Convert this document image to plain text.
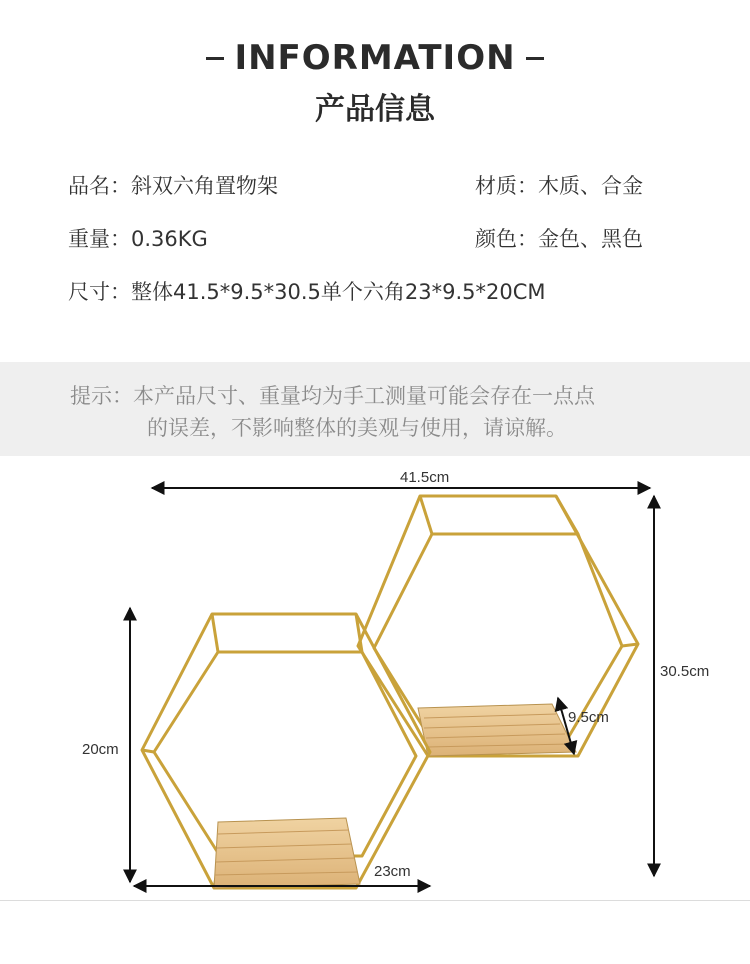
INFORMATION
产品信息
品名：斜双六角置物架	材质：木质、合金
重量：0.36KG	颜色：金色、黑色
尺寸：整体41.5*9.5*30.5单个六角23*9.5*20CM
提示：本产品尺寸、重量均为手工测量可能会存在一点点
的误差，不影响整体的美观与使用，请谅解。
41.5cm
30.5cm
9.5cm
20cm
23cm
